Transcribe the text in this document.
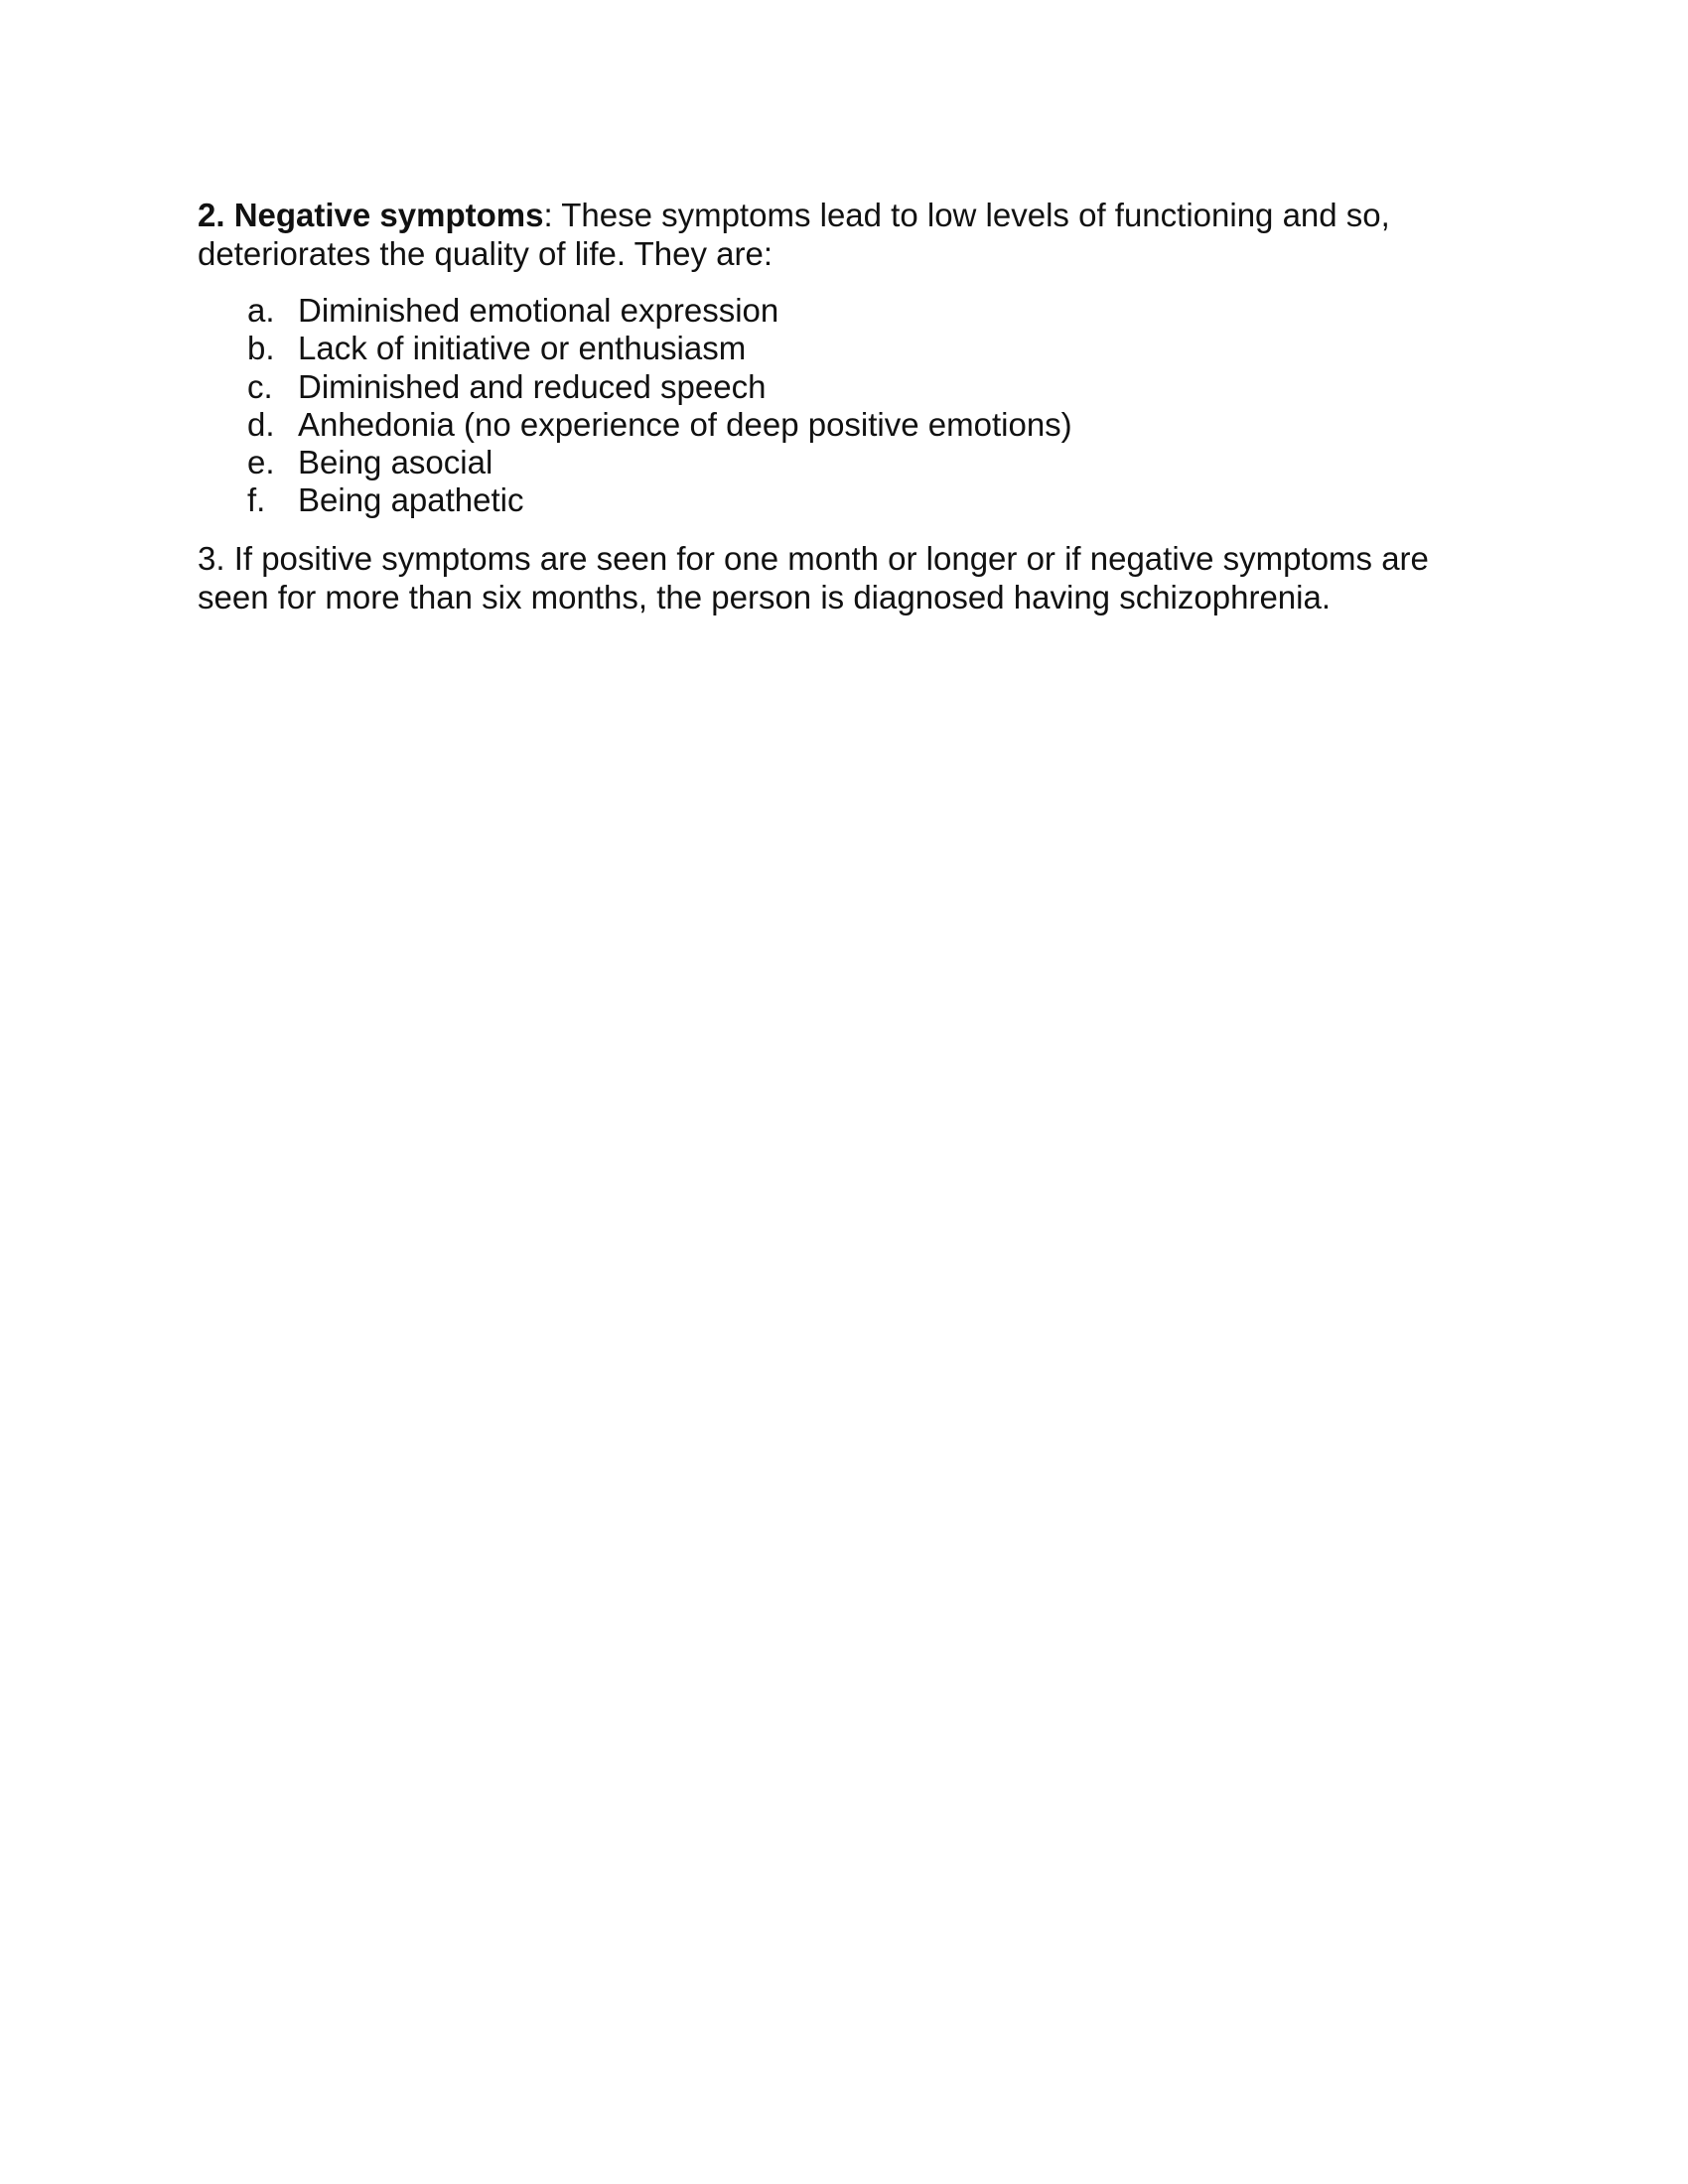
2. Negative symptoms: These symptoms lead to low levels of functioning and so, deteriorates the quality of life. They are:

a. Diminished emotional expression
b. Lack of initiative or enthusiasm
c. Diminished and reduced speech
d. Anhedonia (no experience of deep positive emotions)
e. Being asocial
f. Being apathetic

3. If positive symptoms are seen for one month or longer or if negative symptoms are seen for more than six months, the person is diagnosed having schizophrenia.
